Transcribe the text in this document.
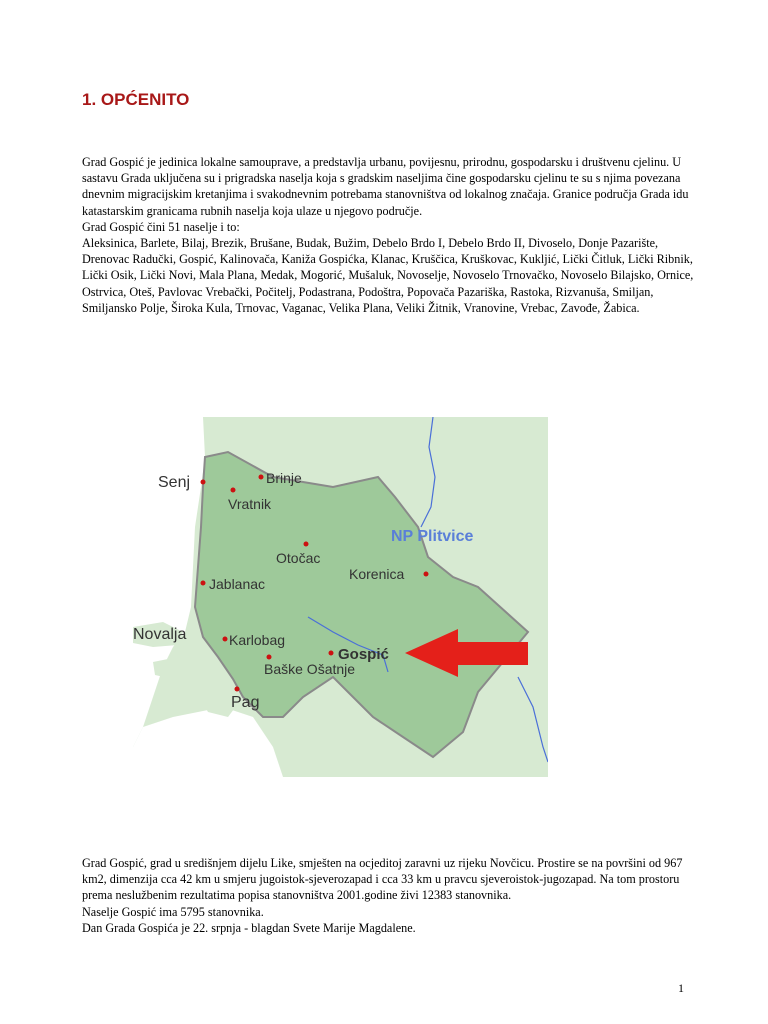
1. OPĆENITO

Grad Gospić je jedinica lokalne samouprave, a predstavlja urbanu, povijesnu, prirodnu, gospodarsku i društvenu cjelinu. U sastavu Grada uključena su i prigradska naselja koja s gradskim naseljima čine gospodarsku cjelinu te su s njima povezana dnevnim migracijskim kretanjima i svakodnevnim potrebama stanovništva od lokalnog značaja. Granice područja Grada idu katastarskim granicama rubnih naselja koja ulaze u njegovo područje.

Grad Gospić čini 51 naselje i to:

Aleksinica, Barlete, Bilaj, Brezik, Brušane, Budak, Bužim, Debelo Brdo I, Debelo Brdo II, Divoselo, Donje Pazarište, Drenovac Radučki, Gospić, Kalinovača, Kaniža Gospićka, Klanac, Kruščica, Kruškovac, Kukljić, Lički Čitluk, Lički Ribnik, Lički Osik, Lički Novi, Mala Plana, Medak, Mogorić, Mušaluk, Novoselje, Novoselo Trnovačko, Novoselo Bilajsko, Ornice, Ostrvica, Oteš, Pavlovac Vrebački, Počitelj, Podastrana, Podoštra, Popovača Pazariška, Rastoka, Rizvanuša, Smiljan, Smiljansko Polje, Široka Kula, Trnovac, Vaganac, Velika Plana, Veliki Žitnik, Vranovine, Vrebac, Zavođe, Žabica.

Senj	Brinje
Vratnik
Otočac
NP Plitvice
Korenica
Jablanac
Novalja	Karlobag
Gospić
Baške Ošatnje
Pag

Grad Gospić, grad u središnjem dijelu Like, smješten na ocjeditoj zaravni uz rijeku Novčicu. Prostire se na površini od 967 km2, dimenzija cca 42 km u smjeru jugoistok-sjeverozapad i cca 33 km u pravcu sjeveroistok-jugozapad. Na tom prostoru prema neslužbenim rezultatima popisa stanovništva 2001.godine živi 12383 stanovnika.

Naselje Gospić ima 5795 stanovnika.

Dan Grada Gospića je 22. srpnja - blagdan Svete Marije Magdalene.

1
